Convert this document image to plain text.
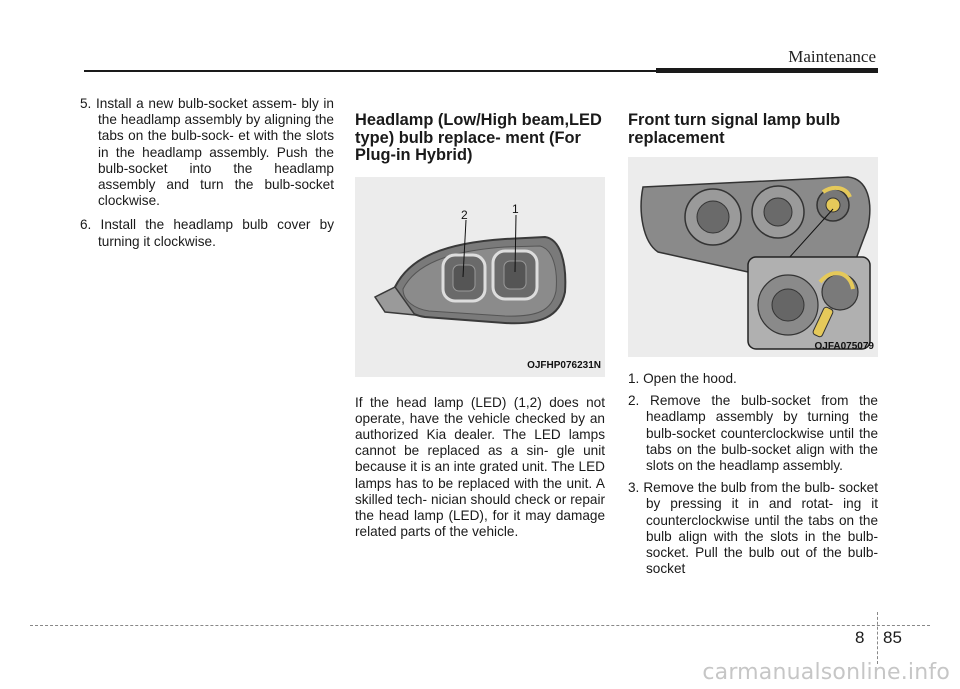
Maintenance

5. Install a new bulb-socket assem- bly in the headlamp assembly by aligning the tabs on the bulb-sock- et with the slots in the headlamp assembly. Push the bulb-socket into the headlamp assembly and turn the bulb-socket clockwise.

6. Install the headlamp bulb cover by turning it clockwise.

Headlamp (Low/High beam,LED type) bulb replace- ment (For Plug-in Hybrid)
2	1
OJFHP076231N

If the head lamp (LED) (1,2) does not operate, have the vehicle checked by an authorized Kia dealer. The LED lamps cannot be replaced as a sin- gle unit because it is an inte grated unit. The LED lamps has to be replaced with the unit. A skilled tech- nician should check or repair the head lamp (LED), for it may damage related parts of the vehicle.

Front turn signal lamp bulb replacement
OJFA075079

1. Open the hood.

2. Remove the bulb-socket from the headlamp assembly by turning the bulb-socket counterclockwise until the tabs on the bulb-socket align with the slots on the headlamp assembly.

3. Remove the bulb from the bulb- socket by pressing it in and rotat- ing it counterclockwise until the tabs on the bulb align with the slots in the bulb-socket. Pull the bulb out of the bulb-socket

8 85
carmanualsonline.info
